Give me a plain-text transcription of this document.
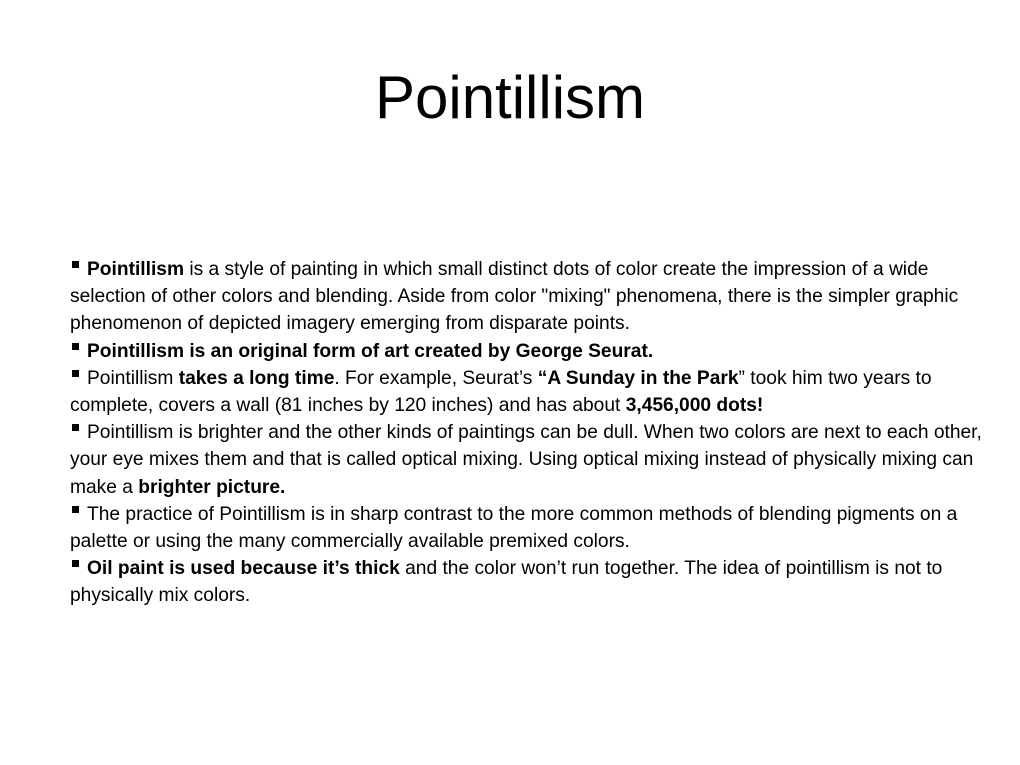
Pointillism

Pointillism is a style of painting in which small distinct dots of color create the impression of a wide selection of other colors and blending. Aside from color "mixing" phenomena, there is the simpler graphic phenomenon of depicted imagery emerging from disparate points.

Pointillism is an original form of art created by George Seurat.

Pointillism takes a long time. For example, Seurat’s “A Sunday in the Park” took him two years to complete, covers a wall (81 inches by 120 inches) and has about 3,456,000 dots!

Pointillism is brighter and the other kinds of paintings can be dull. When two colors are next to each other, your eye mixes them and that is called optical mixing. Using optical mixing instead of physically mixing can make a brighter picture.

The practice of Pointillism is in sharp contrast to the more common methods of blending pigments on a palette or using the many commercially available premixed colors.

Oil paint is used because it’s thick and the color won’t run together. The idea of pointillism is not to physically mix colors.
